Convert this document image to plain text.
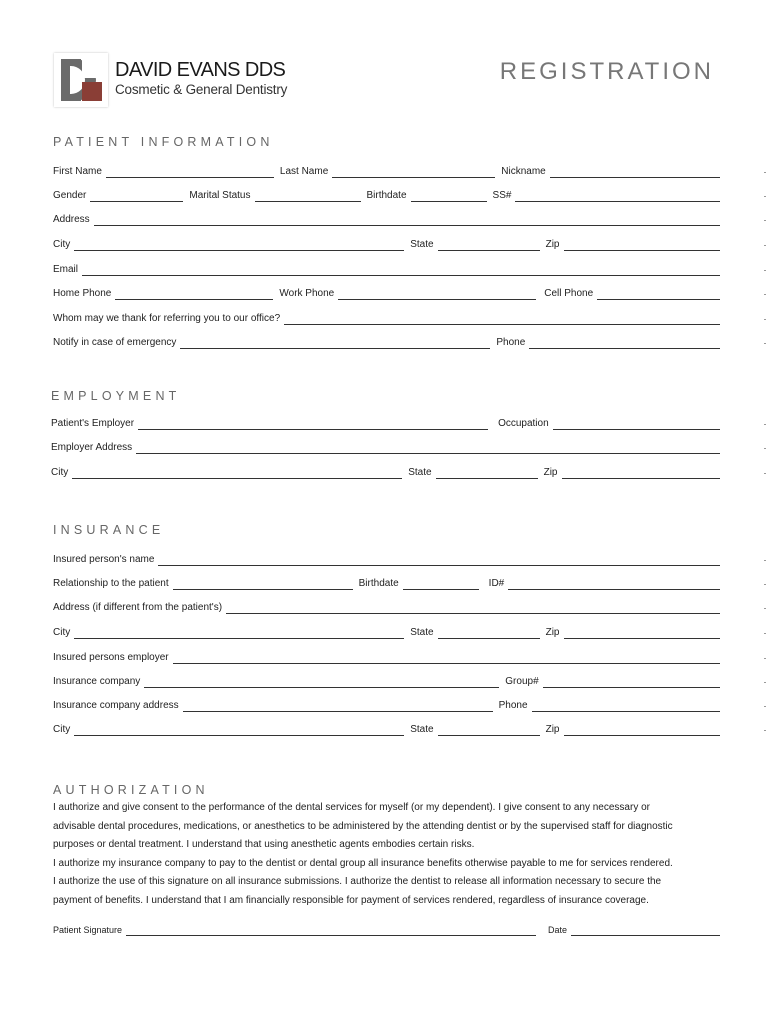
DAVID EVANS DDS
Cosmetic & General Dentistry
REGISTRATION
PATIENT INFORMATION
First Name	Last Name	Nickname
Gender	Marital Status	Birthdate	SS#
Address
City	State	Zip
Email
Home Phone	Work Phone	Cell Phone
Whom may we thank for referring you to our office?
Notify in case of emergency	Phone
EMPLOYMENT
Patient's Employer	Occupation
Employer Address
City	State	Zip
INSURANCE
Insured person's name
Relationship to the patient	Birthdate	ID#
Address (if different from the patient's)
City	State	Zip
Insured persons employer
Insurance company	Group#
Insurance company address	Phone
City	State	Zip
AUTHORIZATION

I authorize and give consent to the performance of the dental services for myself (or my dependent). I give consent to any necessary or

advisable dental procedures, medications, or anesthetics to be administered by the attending dentist or by the supervised staff for diagnostic

purposes or dental treatment. I understand that using anesthetic agents embodies certain risks.

I authorize my insurance company to pay to the dentist or dental group all insurance benefits otherwise payable to me for services rendered.

I authorize the use of this signature on all insurance submissions. I authorize the dentist to release all information necessary to secure the

payment of benefits. I understand that I am financially responsible for payment of services rendered, regardless of insurance coverage.

Patient Signature	Date
